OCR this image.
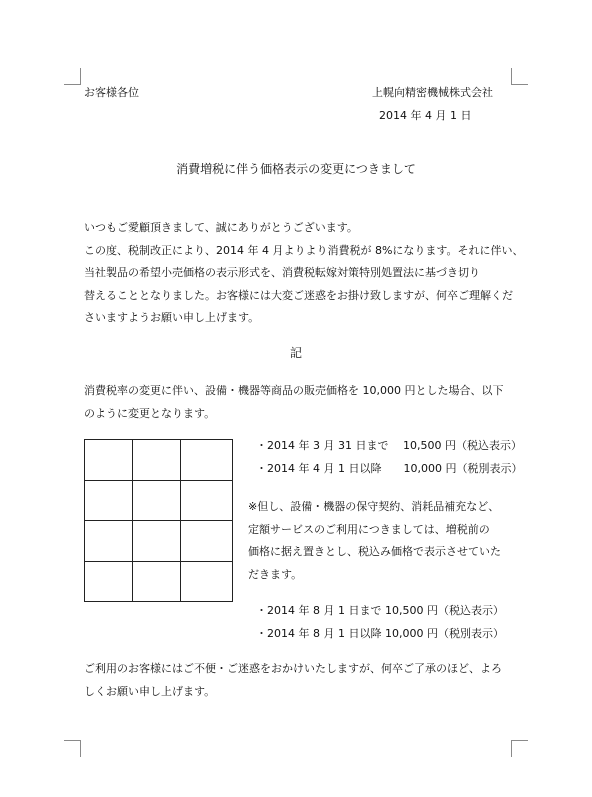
お客様各位	上幌向精密機械株式会社
2014 年 4 月 1 日
消費増税に伴う価格表示の変更につきまして
いつもご愛顧頂きまして、誠にありがとうございます。
この度、税制改正により、2014 年 4 月よりより消費税が 8%になります。それに伴い、
当社製品の希望小売価格の表示形式を、消費税転嫁対策特別処置法に基づき切り
替えることとなりました。お客様には大変ご迷惑をお掛け致しますが、何卒ご理解くだ
さいますようお願い申し上げます。
記
消費税率の変更に伴い、設備・機器等商品の販売価格を 10,000 円とした場合、以下
のように変更となります。

・2014 年 3 月 31 日まで　 10,500 円（税込表示）
・2014 年 4 月 1 日以降　　10,000 円（税別表示）
※但し、設備・機器の保守契約、消耗品補充など、
定額サービスのご利用につきましては、増税前の
価格に据え置きとし、税込み価格で表示させていた
だきます。
・2014 年 8 月 1 日まで 10,500 円（税込表示）
・2014 年 8 月 1 日以降 10,000 円（税別表示）
ご利用のお客様にはご不便・ご迷惑をおかけいたしますが、何卒ご了承のほど、よろ
しくお願い申し上げます。
